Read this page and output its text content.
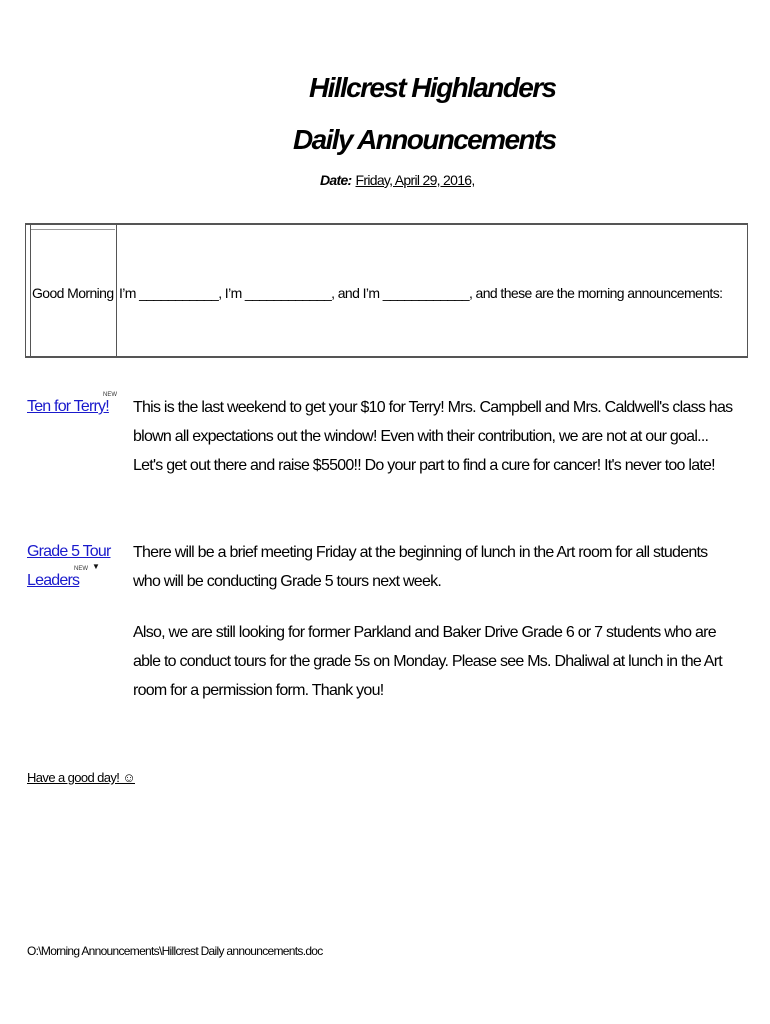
Hillcrest Highlanders
Daily Announcements
Date: Friday, April 29, 2016,
Good Morning I’m ___________, I’m ____________, and I’m ____________, and these are the morning announcements:
Ten for Terry!
NEW

This is the last weekend to get your $10 for Terry! Mrs. Campbell and Mrs. Caldwell's class has blown all expectations out the window! Even with their contribution, we are not at our goal... Let's get out there and raise $5500!! Do your part to find a cure for cancer! It's never too late!

Grade 5 Tour
Leaders
NEW ▼

There will be a brief meeting Friday at the beginning of lunch in the Art room for all students who will be conducting Grade 5 tours next week.

Also, we are still looking for former Parkland and Baker Drive Grade 6 or 7 students who are able to conduct tours for the grade 5s on Monday. Please see Ms. Dhaliwal at lunch in the Art room for a permission form. Thank you!

Have a good day! ☺
O:\Morning Announcements\Hillcrest Daily announcements.doc
